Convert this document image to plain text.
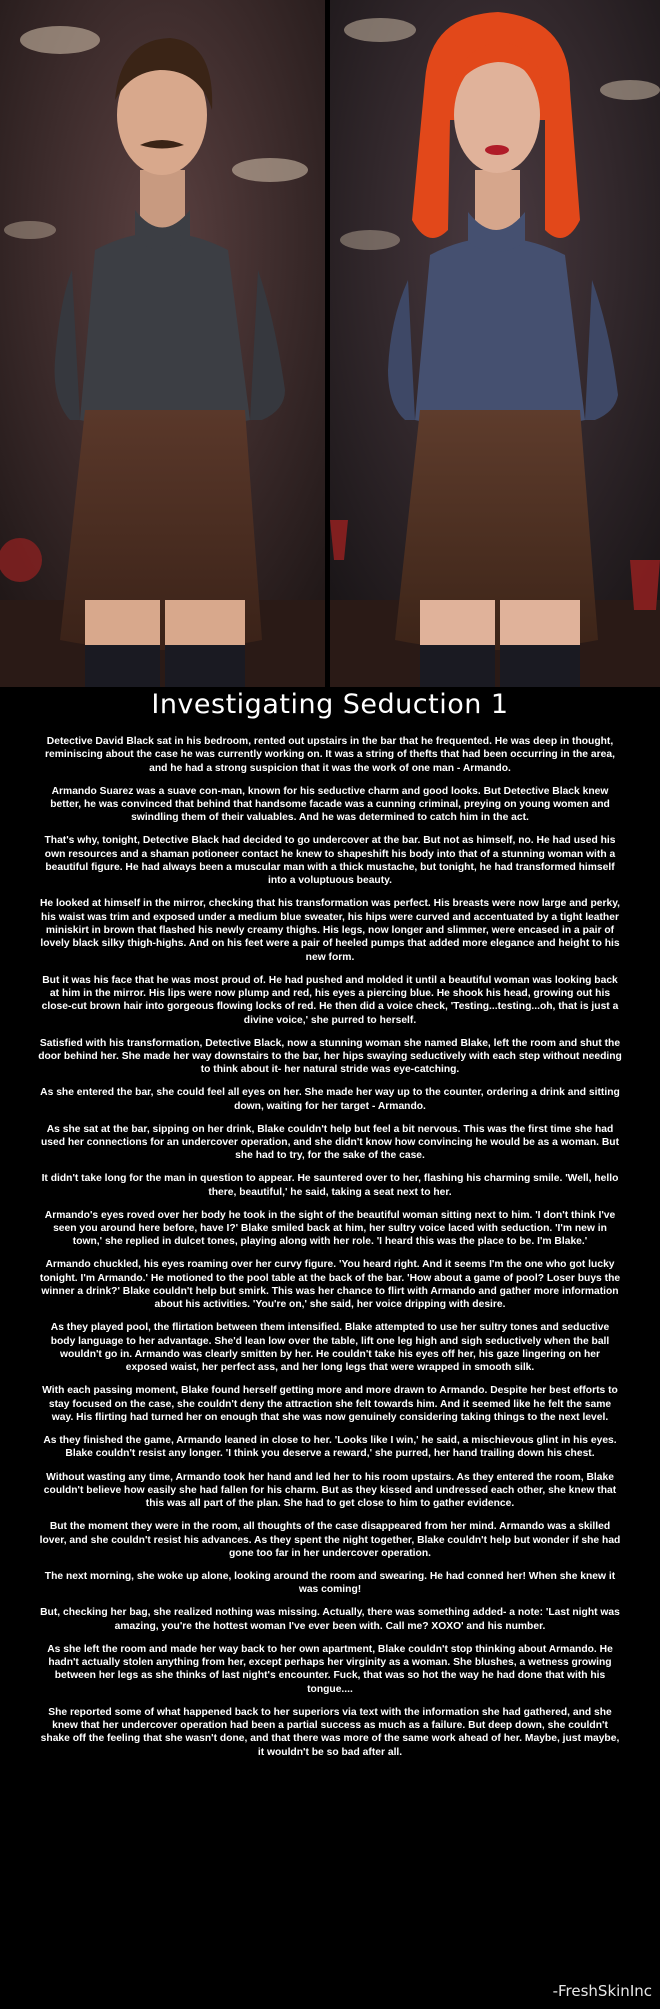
Investigating Seduction 1

Detective David Black sat in his bedroom, rented out upstairs in the bar that he frequented. He was deep in thought, reminiscing about the case he was currently working on. It was a string of thefts that had been occurring in the area, and he had a strong suspicion that it was the work of one man - Armando.

Armando Suarez was a suave con-man, known for his seductive charm and good looks. But Detective Black knew better, he was convinced that behind that handsome facade was a cunning criminal, preying on young women and swindling them of their valuables. And he was determined to catch him in the act.

That's why, tonight, Detective Black had decided to go undercover at the bar. But not as himself, no. He had used his own resources and a shaman potioneer contact he knew to shapeshift his body into that of a stunning woman with a beautiful figure. He had always been a muscular man with a thick mustache, but tonight, he had transformed himself into a voluptuous beauty.

He looked at himself in the mirror, checking that his transformation was perfect. His breasts were now large and perky, his waist was trim and exposed under a medium blue sweater, his hips were curved and accentuated by a tight leather miniskirt in brown that flashed his newly creamy thighs. His legs, now longer and slimmer, were encased in a pair of lovely black silky thigh-highs. And on his feet were a pair of heeled pumps that added more elegance and height to his new form.

But it was his face that he was most proud of. He had pushed and molded it until a beautiful woman was looking back at him in the mirror. His lips were now plump and red, his eyes a piercing blue. He shook his head, growing out his close-cut brown hair into gorgeous flowing locks of red. He then did a voice check, 'Testing...testing...oh, that is just a divine voice,' she purred to herself.

Satisfied with his transformation, Detective Black, now a stunning woman she named Blake, left the room and shut the door behind her. She made her way downstairs to the bar, her hips swaying seductively with each step without needing to think about it- her natural stride was eye-catching.

As she entered the bar, she could feel all eyes on her. She made her way up to the counter, ordering a drink and sitting down, waiting for her target - Armando.

As she sat at the bar, sipping on her drink, Blake couldn't help but feel a bit nervous. This was the first time she had used her connections for an undercover operation, and she didn't know how convincing he would be as a woman. But she had to try, for the sake of the case.

It didn't take long for the man in question to appear. He sauntered over to her, flashing his charming smile. 'Well, hello there, beautiful,' he said, taking a seat next to her.

Armando's eyes roved over her body he took in the sight of the beautiful woman sitting next to him. 'I don't think I've seen you around here before, have I?' Blake smiled back at him, her sultry voice laced with seduction. 'I'm new in town,' she replied in dulcet tones, playing along with her role. 'I heard this was the place to be. I'm Blake.'

Armando chuckled, his eyes roaming over her curvy figure. 'You heard right. And it seems I'm the one who got lucky tonight. I'm Armando.' He motioned to the pool table at the back of the bar. 'How about a game of pool? Loser buys the winner a drink?' Blake couldn't help but smirk. This was her chance to flirt with Armando and gather more information about his activities. 'You're on,' she said, her voice dripping with desire.

As they played pool, the flirtation between them intensified. Blake attempted to use her sultry tones and seductive body language to her advantage. She'd lean low over the table, lift one leg high and sigh seductively when the ball wouldn't go in. Armando was clearly smitten by her. He couldn't take his eyes off her, his gaze lingering on her exposed waist, her perfect ass, and her long legs that were wrapped in smooth silk.

With each passing moment, Blake found herself getting more and more drawn to Armando. Despite her best efforts to stay focused on the case, she couldn't deny the attraction she felt towards him. And it seemed like he felt the same way. His flirting had turned her on enough that she was now genuinely considering taking things to the next level.

As they finished the game, Armando leaned in close to her. 'Looks like I win,' he said, a mischievous glint in his eyes. Blake couldn't resist any longer. 'I think you deserve a reward,' she purred, her hand trailing down his chest.

Without wasting any time, Armando took her hand and led her to his room upstairs. As they entered the room, Blake couldn't believe how easily she had fallen for his charm. But as they kissed and undressed each other, she knew that this was all part of the plan. She had to get close to him to gather evidence.

But the moment they were in the room, all thoughts of the case disappeared from her mind. Armando was a skilled lover, and she couldn't resist his advances. As they spent the night together, Blake couldn't help but wonder if she had gone too far in her undercover operation.

The next morning, she woke up alone, looking around the room and swearing. He had conned her! When she knew it was coming!

But, checking her bag, she realized nothing was missing. Actually, there was something added- a note: 'Last night was amazing, you're the hottest woman I've ever been with. Call me? XOXO' and his number.

As she left the room and made her way back to her own apartment, Blake couldn't stop thinking about Armando. He hadn't actually stolen anything from her, except perhaps her virginity as a woman. She blushes, a wetness growing between her legs as she thinks of last night's encounter. Fuck, that was so hot the way he had done that with his tongue....

She reported some of what happened back to her superiors via text with the information she had gathered, and she knew that her undercover operation had been a partial success as much as a failure. But deep down, she couldn't shake off the feeling that she wasn't done, and that there was more of the same work ahead of her. Maybe, just maybe, it wouldn't be so bad after all.

-FreshSkinInc
